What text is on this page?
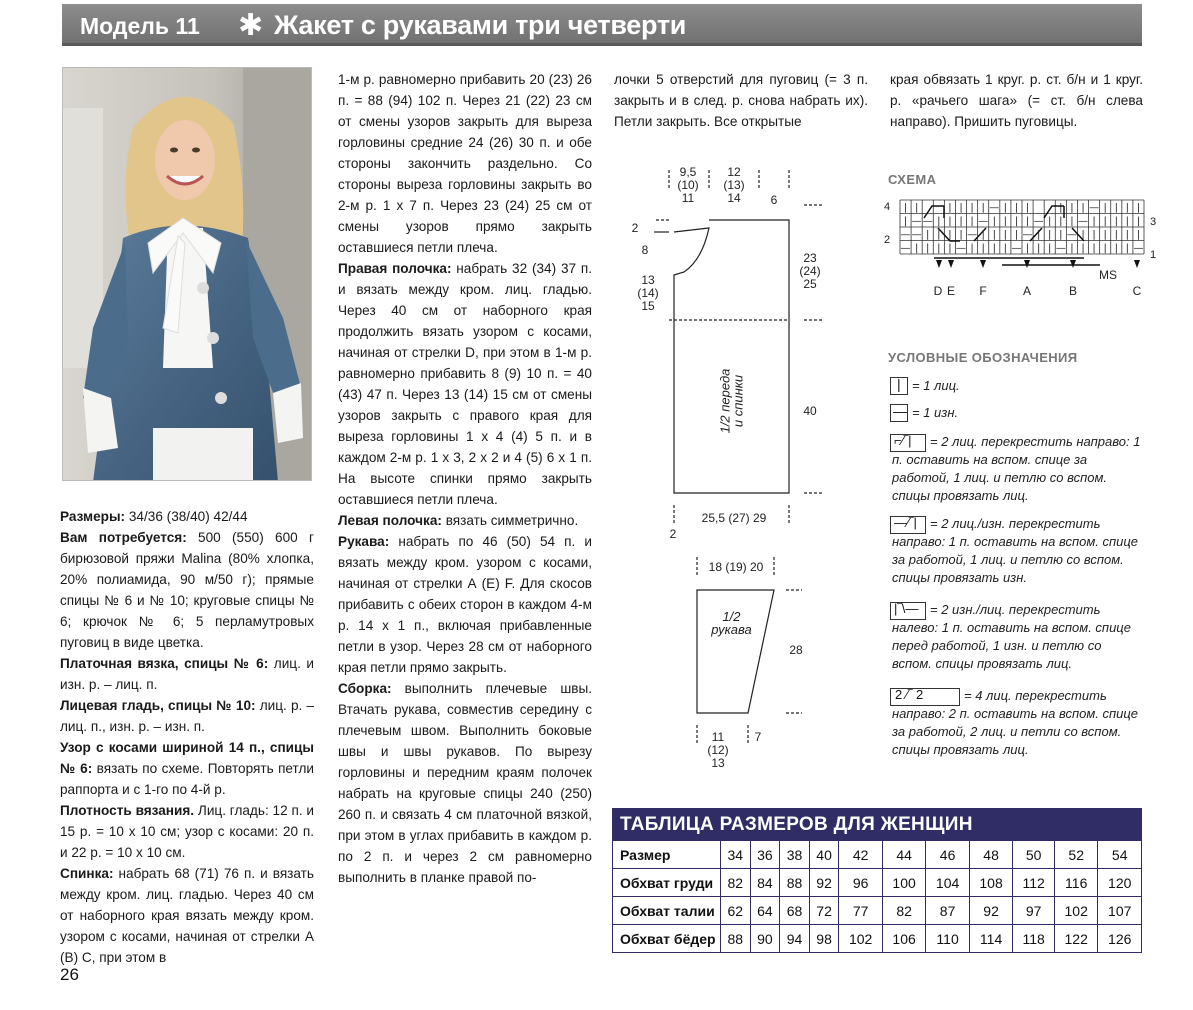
Модель 11 ✱ Жакет с рукавами три четверти

Размеры: 34/36 (38/40) 42/44

Вам потребуется: 500 (550) 600 г бирюзовой пряжи Malina (80% хлопка, 20% полиамида, 90 м/50 г); прямые спицы № 6 и № 10; круговые спицы № 6; крючок № 6; 5 перламутровых пуговиц в виде цветка.

Платочная вязка, спицы № 6: лиц. и изн. р. – лиц. п.

Лицевая гладь, спицы № 10: лиц. р. – лиц. п., изн. р. – изн. п.

Узор с косами шириной 14 п., спицы № 6: вязать по схеме. Повторять петли раппорта и с 1-го по 4-й р.

Плотность вязания. Лиц. гладь: 12 п. и 15 р. = 10 х 10 см; узор с косами: 20 п. и 22 р. = 10 х 10 см.

Спинка: набрать 68 (71) 76 п. и вязать между кром. лиц. гладью. Через 40 см от наборного края вязать между кром. узором с косами, начиная от стрелки А (В) С, при этом в

26

1-м р. равномерно прибавить 20 (23) 26 п. = 88 (94) 102 п. Через 21 (22) 23 см от смены узоров закрыть для выреза горловины средние 24 (26) 30 п. и обе стороны закончить раздельно. Со стороны выреза горловины закрыть во 2-м р. 1 х 7 п. Через 23 (24) 25 см от смены узоров прямо закрыть оставшиеся петли плеча.

Правая полочка: набрать 32 (34) 37 п. и вязать между кром. лиц. гладью. Через 40 см от наборного края продолжить вязать узором с косами, начиная от стрелки D, при этом в 1-м р. равномерно прибавить 8 (9) 10 п. = 40 (43) 47 п. Через 13 (14) 15 см от смены узоров закрыть с правого края для выреза горловины 1 х 4 (4) 5 п. и в каждом 2-м р. 1 х 3, 2 х 2 и 4 (5) 6 х 1 п. На высоте спинки прямо закрыть оставшиеся петли плеча.

Левая полочка: вязать симметрично.

Рукава: набрать по 46 (50) 54 п. и вязать между кром. узором с косами, начиная от стрелки А (Е) F. Для скосов прибавить с обеих сторон в каждом 4-м р. 14 х 1 п., включая прибавленные петли в узор. Через 28 см от наборного края петли прямо закрыть.

Сборка: выполнить плечевые швы. Втачать рукава, совместив середину с плечевым швом. Выполнить боковые швы и швы рукавов. По вырезу горловины и передним краям полочек набрать на круговые спицы 240 (250) 260 п. и связать 4 см платочной вязкой, при этом в углах прибавить в каждом р. по 2 п. и через 2 см равномерно выполнить в планке правой по-

лочки 5 отверстий для пуговиц (= 3 п. закрыть и в след. р. снова набрать их). Петли закрыть. Все открытые

9,5
(10)
11
12
(13)
14	6
2
8
13
(14)
15
23
(24)
25
40
1/2 переда
и спинки
25,5 (27) 29
2
18 (19) 20
1/2
рукава
28
11
(12)
13
7

края обвязать 1 круг. р. ст. б/н и 1 круг. р. «рачьего шага» (= ст. б/н слева направо). Пришить пуговицы.

СХЕМА
| |	| | | | — | | |	| | | — | | | |
| — — | | | | — | | | | — | | | — | | | | |
— — | | | | — | | | | — | | | — | | | | | |
— | | | | — | | | | — | | | — | | | | | | —
4
2
3
1
MS
D E F	A	B	C
УСЛОВНЫЕ ОБОЗНАЧЕНИЯ
| = 1 лиц.
— = 1 изн.
⌐⁄‾|	= 2 лиц. перекрестить направо: 1 п. оставить на вспом. спице за работой, 1 лиц. и петлю со вспом. спицы провязать лиц.
—⁄‾|	= 2 лиц./изн. перекрестить направо: 1 п. оставить на вспом. спице за работой, 1 лиц. и петлю со вспом. спицы провязать изн.
|‾\— = 2 изн./лиц. перекрестить налево: 1 п. оставить на вспом. спице перед работой, 1 изн. и петлю со вспом. спицы провязать лиц.
2 ⁄‾ 2	= 4 лиц. перекрестить направо: 2 п. оставить на вспом. спице за работой, 2 лиц. и петли со вспом. спицы провязать лиц.
ТАБЛИЦА РАЗМЕРОВ ДЛЯ ЖЕНЩИН
Размер	34	36	38	40	42	44	46	48	50	52	54
Обхват груди	82	84	88	92	96	100	104	108	112	116	120
Обхват талии	62	64	68	72	77	82	87	92	97	102	107
Обхват бёдер	88	90	94	98	102	106	110	114	118	122	126
